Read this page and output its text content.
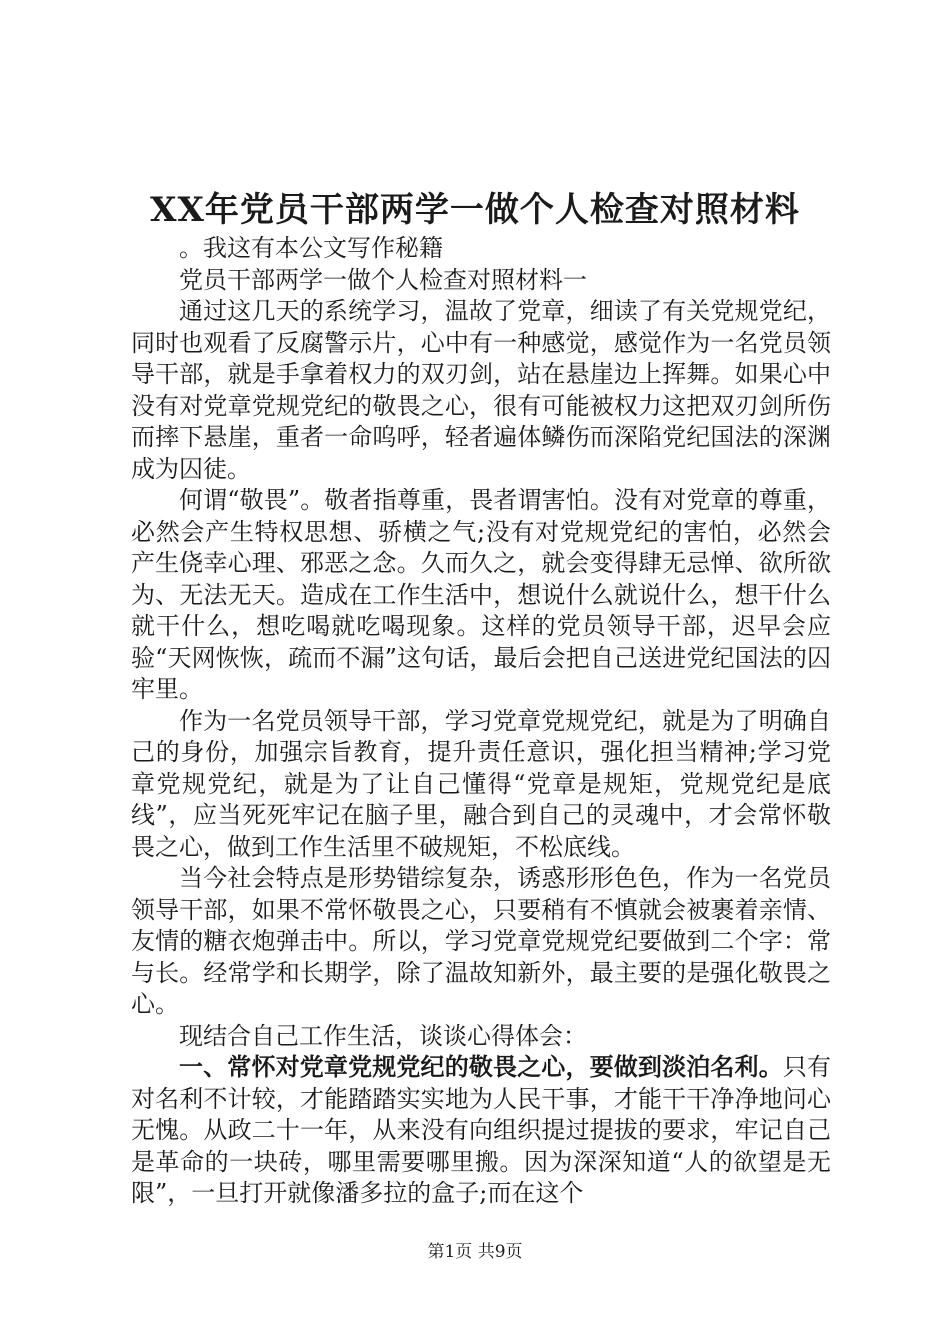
XX年党员干部两学一做个人检查对照材料

。我这有本公文写作秘籍

党员干部两学一做个人检查对照材料一

通过这几天的系统学习，温故了党章，细读了有关党规党纪，同时也观看了反腐警示片，心中有一种感觉，感觉作为一名党员领导干部，就是手拿着权力的双刃剑，站在悬崖边上挥舞。如果心中没有对党章党规党纪的敬畏之心，很有可能被权力这把双刃剑所伤而摔下悬崖，重者一命呜呼，轻者遍体鳞伤而深陷党纪国法的深渊成为囚徒。

何谓“敬畏”。敬者指尊重，畏者谓害怕。没有对党章的尊重，必然会产生特权思想、骄横之气;没有对党规党纪的害怕，必然会产生侥幸心理、邪恶之念。久而久之，就会变得肆无忌惮、欲所欲为、无法无天。造成在工作生活中，想说什么就说什么，想干什么就干什么，想吃喝就吃喝现象。这样的党员领导干部，迟早会应验“天网恢恢，疏而不漏”这句话，最后会把自己送进党纪国法的囚牢里。

作为一名党员领导干部，学习党章党规党纪，就是为了明确自己的身份，加强宗旨教育，提升责任意识，强化担当精神;学习党章党规党纪，就是为了让自己懂得“党章是规矩，党规党纪是底线”，应当死死牢记在脑子里，融合到自己的灵魂中，才会常怀敬畏之心，做到工作生活里不破规矩，不松底线。

当今社会特点是形势错综复杂，诱惑形形色色，作为一名党员领导干部，如果不常怀敬畏之心，只要稍有不慎就会被裹着亲情、友情的糖衣炮弹击中。所以，学习党章党规党纪要做到二个字：常与长。经常学和长期学，除了温故知新外，最主要的是强化敬畏之心。

现结合自己工作生活，谈谈心得体会：

一、常怀对党章党规党纪的敬畏之心，要做到淡泊名利。只有对名利不计较，才能踏踏实实地为人民干事，才能干干净净地问心无愧。从政二十一年，从来没有向组织提过提拔的要求，牢记自己是革命的一块砖，哪里需要哪里搬。因为深深知道“人的欲望是无限”，一旦打开就像潘多拉的盒子;而在这个

第1页 共9页
